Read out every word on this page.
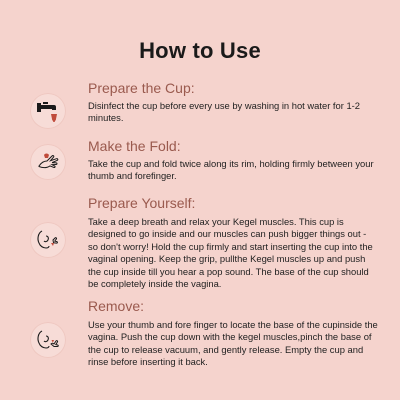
How to Use
Prepare the Cup:
Disinfect the cup before every use by washing in hot water for 1-2 minutes.
Make the Fold:
Take the cup and fold twice along its rim, holding firmly between your thumb and forefinger.
Prepare Yourself:
Take a deep breath and relax your Kegel muscles. This cup is designed to go inside and our muscles can push bigger things out - so don't worry! Hold the cup firmly and start inserting the cup into the vaginal opening. Keep the grip, pullthe Kegel muscles up and push the cup inside till you hear a pop sound. The base of the cup should be completely inside the vagina.
Remove:
Use your thumb and fore finger to locate the base of the cupinside the vagina. Push the cup down with the kegel muscles,pinch the base of the cup to release vacuum, and gently release. Empty the cup and rinse before inserting it back.
